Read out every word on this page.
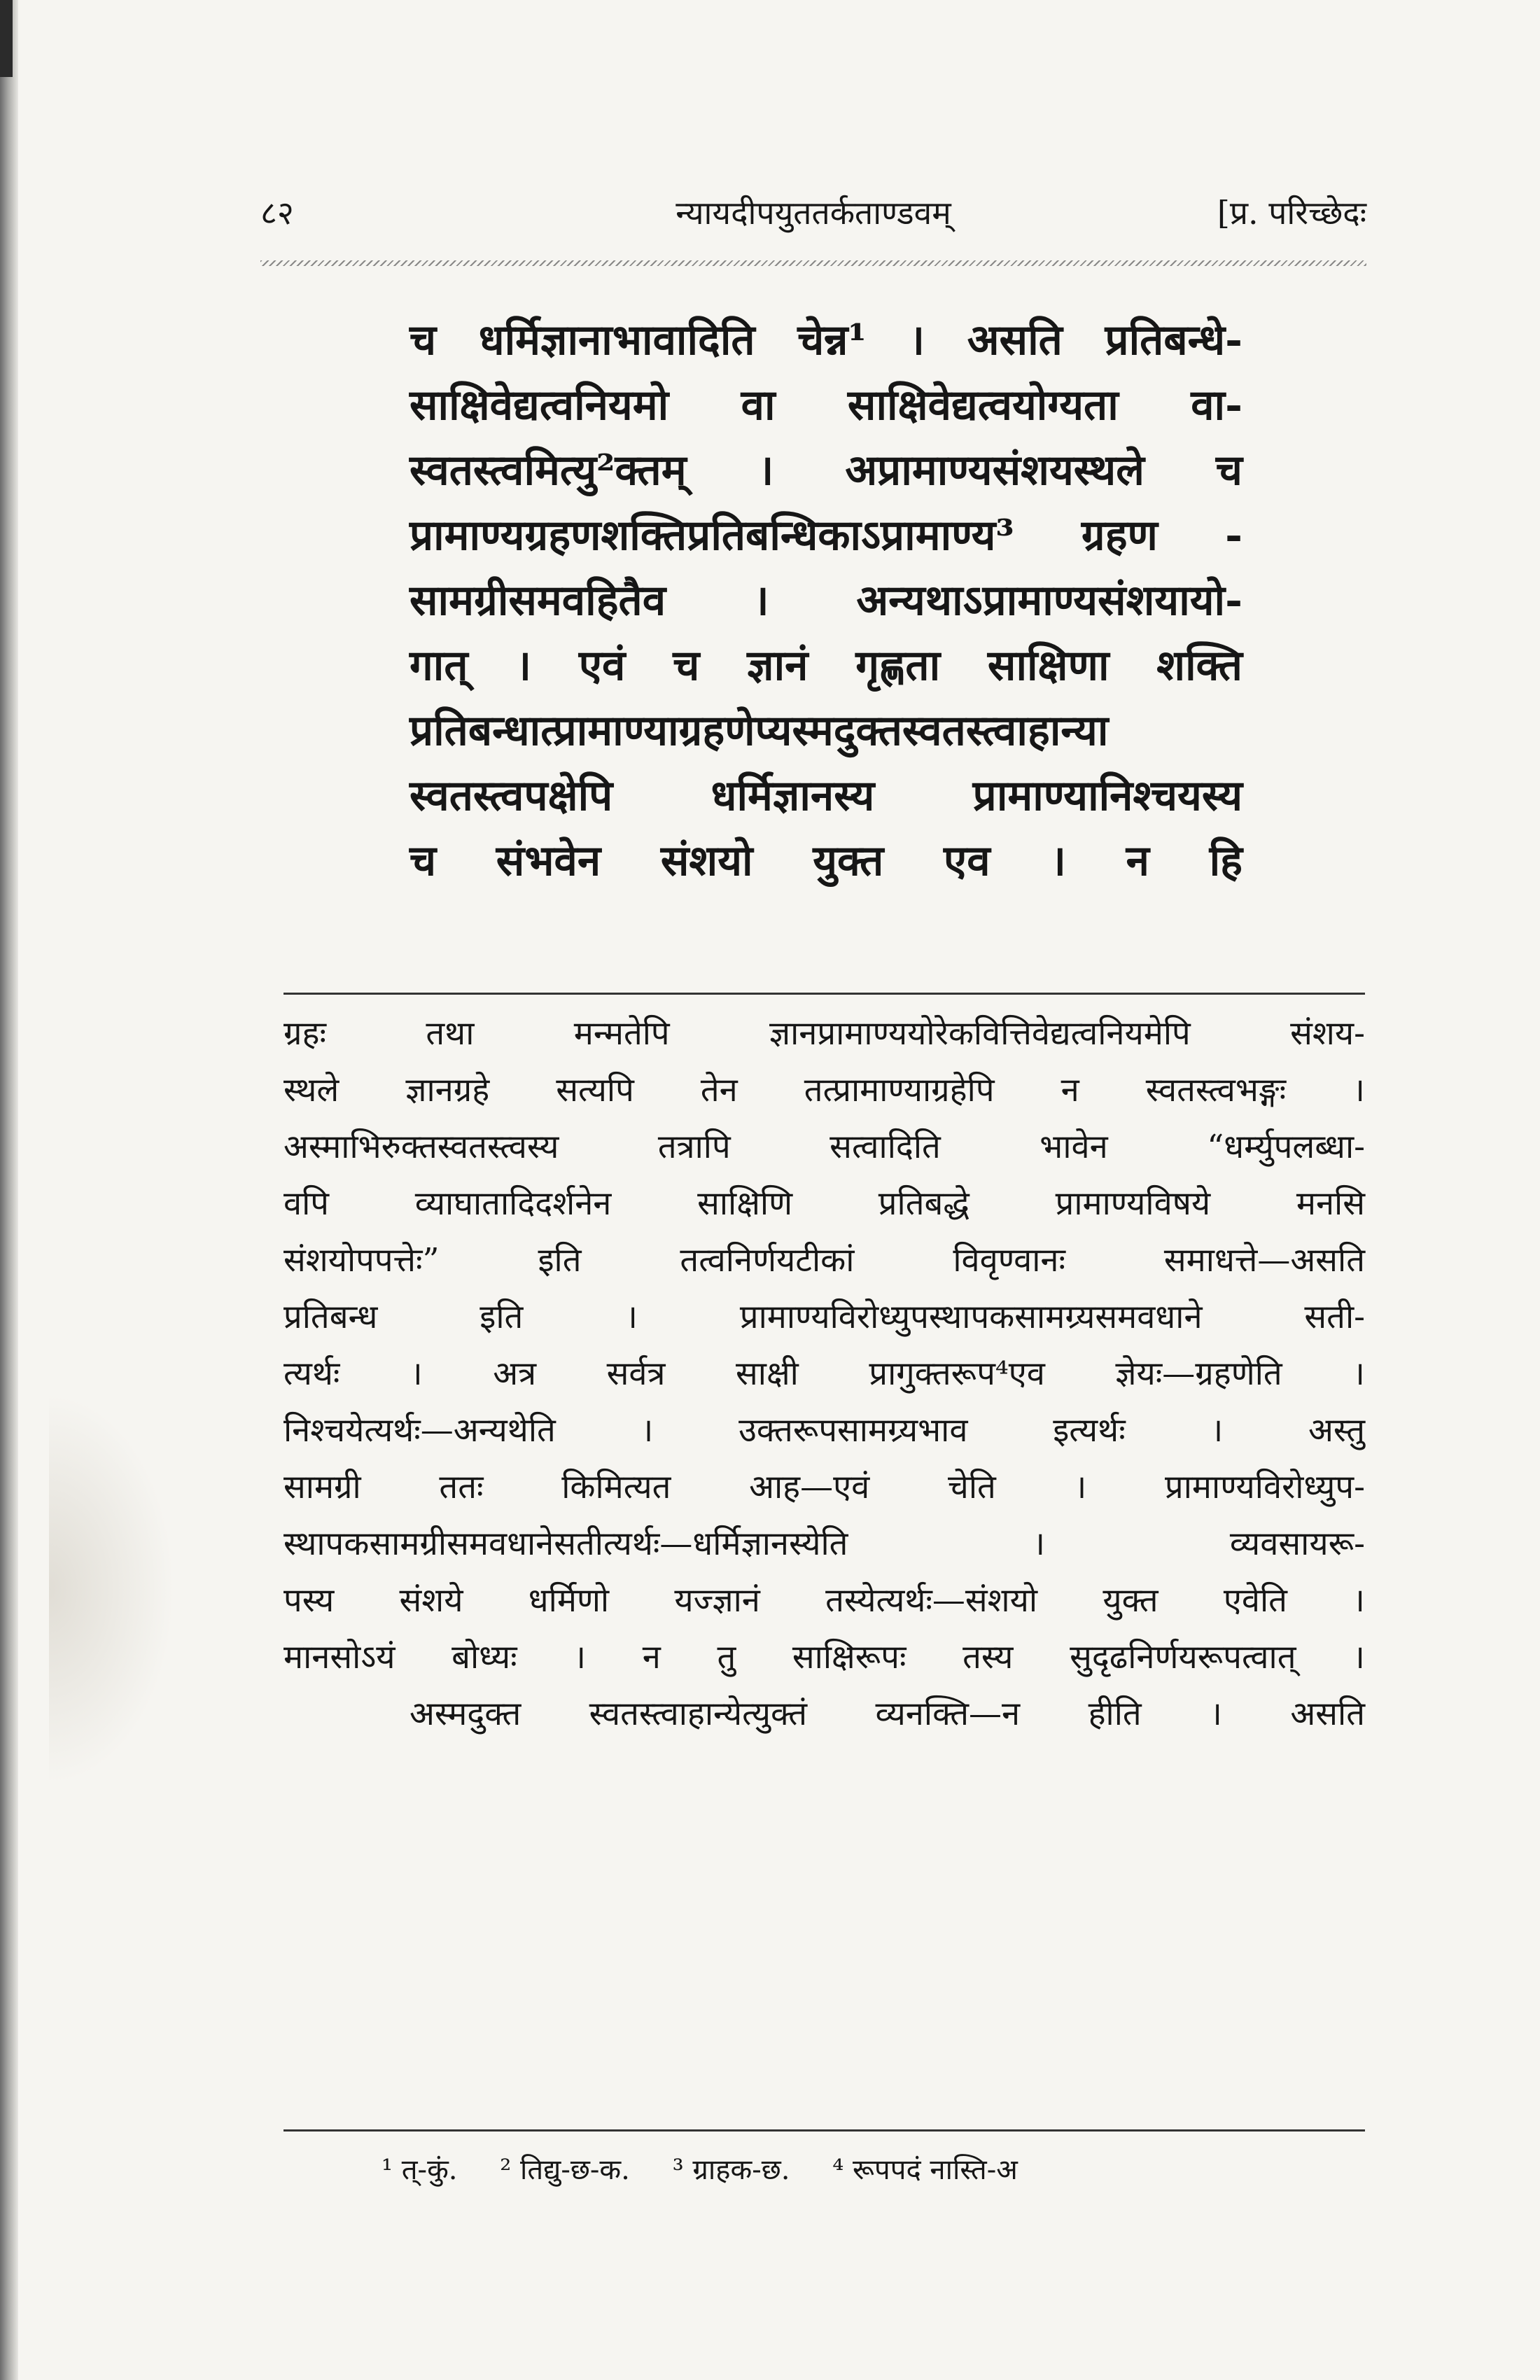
८२	न्यायदीपयुततर्कताण्डवम्	[प्र. परिच्छेदः
च धर्मिज्ञानाभावादिति चेन्न¹ । असति प्रतिबन्धे-
साक्षिवेद्यत्वनियमो वा साक्षिवेद्यत्वयोग्यता वा-
स्वतस्त्वमित्यु²क्तम् । अप्रामाण्यसंशयस्थले च
प्रामाण्यग्रहणशक्तिप्रतिबन्धिकाऽप्रामाण्य³ ग्रहण -
सामग्रीसमवहितैव । अन्यथाऽप्रामाण्यसंशयायो-
गात् । एवं च ज्ञानं गृह्णता साक्षिणा शक्ति
प्रतिबन्धात्प्रामाण्याग्रहणेप्यस्मदुक्तस्वतस्त्वाहान्या
स्वतस्त्वपक्षेपि धर्मिज्ञानस्य प्रामाण्यानिश्चयस्य
च संभवेन संशयो युक्त एव । न हि
ग्रहः तथा मन्मतेपि ज्ञानप्रामाण्ययोरेकवित्तिवेद्यत्वनियमेपि संशय-
स्थले ज्ञानग्रहे सत्यपि तेन तत्प्रामाण्याग्रहेपि न स्वतस्त्वभङ्गः ।
अस्माभिरुक्तस्वतस्त्वस्य तत्रापि सत्वादिति भावेन “धर्म्युपलब्धा-
वपि व्याघातादिदर्शनेन साक्षिणि प्रतिबद्धे प्रामाण्यविषये मनसि
संशयोपपत्तेः” इति तत्वनिर्णयटीकां विवृण्वानः समाधत्ते—असति
प्रतिबन्ध इति । प्रामाण्यविरोध्युपस्थापकसामग्र्यसमवधाने सती-
त्यर्थः । अत्र सर्वत्र साक्षी प्रागुक्तरूप⁴एव ज्ञेयः—ग्रहणेति ।
निश्चयेत्यर्थः—अन्यथेति । उक्तरूपसामग्र्यभाव इत्यर्थः । अस्तु
सामग्री ततः किमित्यत आह—एवं चेति । प्रामाण्यविरोध्युप-
स्थापकसामग्रीसमवधानेसतीत्यर्थः—धर्मिज्ञानस्येति । व्यवसायरू-
पस्य संशये धर्मिणो यज्ज्ञानं तस्येत्यर्थः—संशयो युक्त एवेति ।
मानसोऽयं बोध्यः । न तु साक्षिरूपः तस्य सुदृढनिर्णयरूपत्वात् ।
अस्मदुक्त स्वतस्त्वाहान्येत्युक्तं व्यनक्ति—न हीति । असति
¹ त्-कुं. ² तिद्यु-छ-क. ³ ग्राहक-छ. ⁴ रूपपदं नास्ति-अ
